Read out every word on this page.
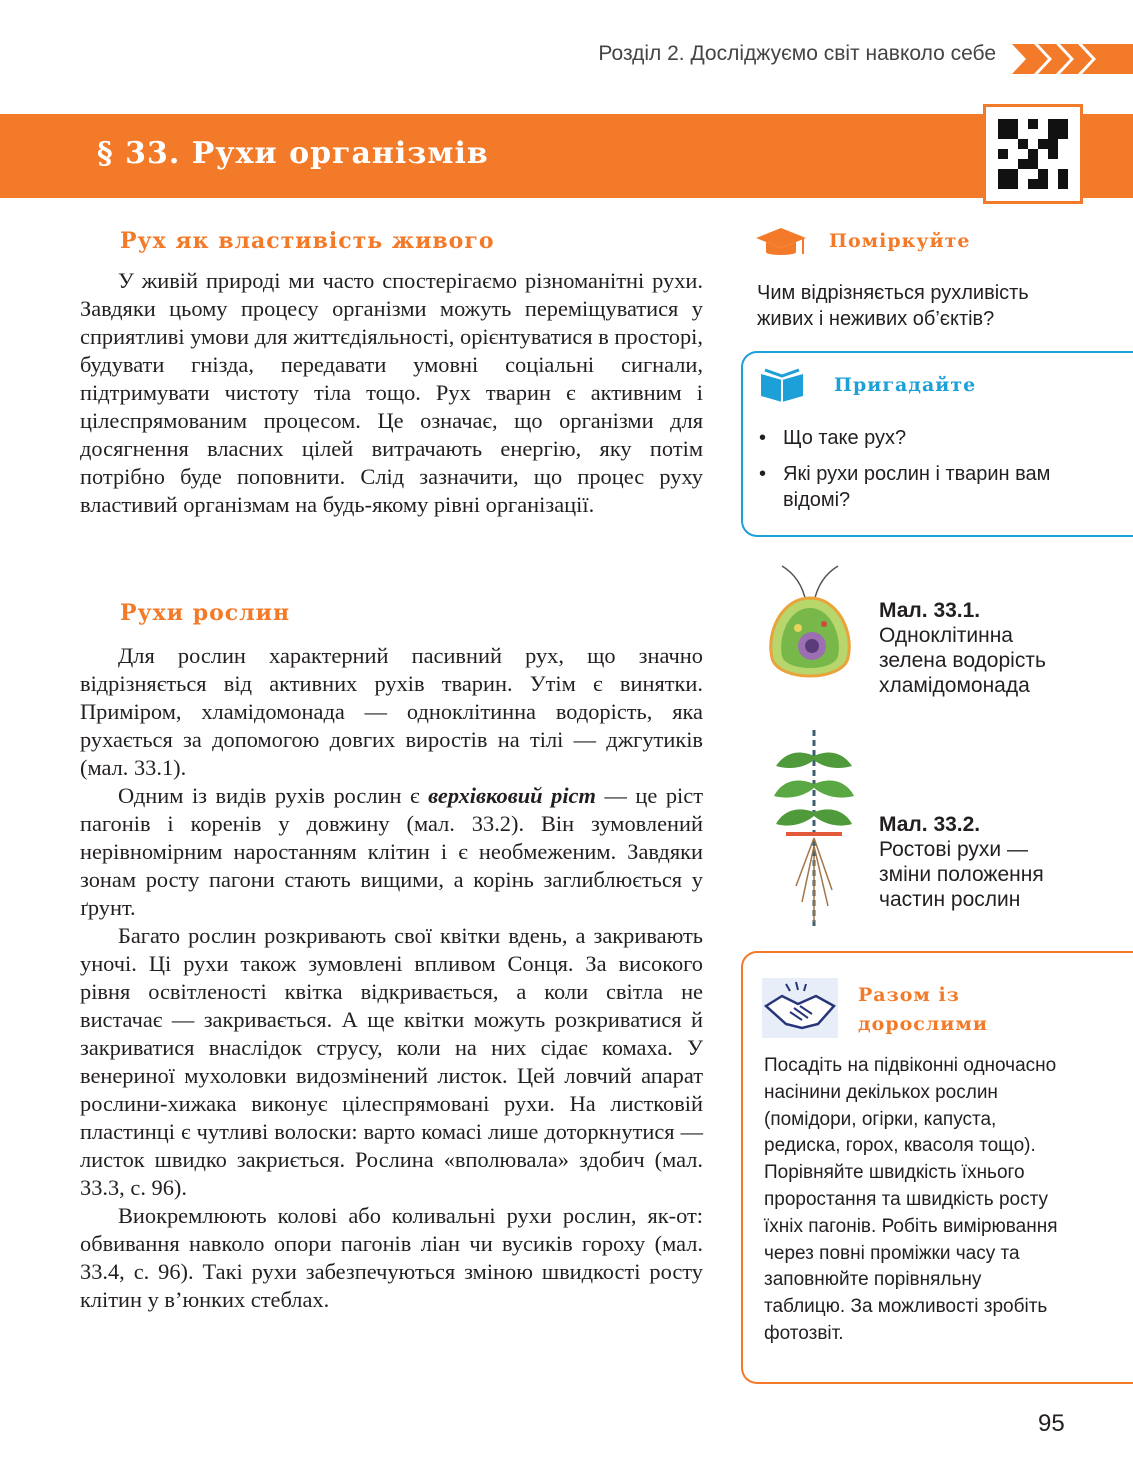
Розділ 2. Досліджуємо світ навколо себе
§ 33. Рухи організмів
Рух як властивість живого

У живій природі ми часто спостерігаємо різноманітні рухи. Завдяки цьому процесу організми можуть переміщуватися у сприятливі умови для життєдіяльності, орієнтуватися в просторі, будувати гнізда, передавати умовні соціальні сигнали, підтримувати чистоту тіла тощо. Рух тварин є активним і цілеспрямованим процесом. Це означає, що організми для досягнення власних цілей витрачають енергію, яку потім потрібно буде поповнити. Слід зазначити, що процес руху властивий організмам на будь-якому рівні організації.

Рухи рослин

Для рослин характерний пасивний рух, що значно відрізняється від активних рухів тварин. Утім є винятки. Приміром, хламідомонада — одноклітинна водорість, яка рухається за допомогою довгих виростів на тілі — джгутиків (мал. 33.1).

Одним із видів рухів рослин є верхівковий ріст — це ріст пагонів і коренів у довжину (мал. 33.2). Він зумовлений нерівномірним наростанням клітин і є необмеженим. Завдяки зонам росту пагони стають вищими, а корінь заглиблюється у ґрунт.

Багато рослин розкривають свої квітки вдень, а закривають уночі. Ці рухи також зумовлені впливом Сонця. За високого рівня освітленості квітка відкривається, а коли світла не вистачає — закривається. А ще квітки можуть розкриватися й закриватися внаслідок струсу, коли на них сідає комаха. У венериної мухоловки видозмінений листок. Цей ловчий апарат рослини-хижака виконує цілеспрямовані рухи. На листковій пластинці є чутливі волоски: варто комасі лише доторкнутися — листок швидко закриється. Рослина «вполювала» здобич (мал. 33.3, с. 96).

Виокремлюють колові або коливальні рухи рослин, як-от: обвивання навколо опори пагонів ліан чи вусиків гороху (мал. 33.4, с. 96). Такі рухи забезпечуються зміною швидкості росту клітин у в’юнких стеблах.

Поміркуйте
Чим відрізняється рухливість живих і неживих об’єктів?
Пригадайте
• Що таке рух?
• Які рухи рослин і тварин вам відомі?
Мал. 33.1.
Одноклітинна зелена водорість хламідомонада
Мал. 33.2.
Ростові рухи — зміни положення частин рослин
Разом із
дорослими
Посадіть на підвіконні одночасно насінини декількох рослин (помідори, огірки, капуста, редиска, горох, квасоля тощо). Порівняйте швидкість їхнього проростання та швидкість росту їхніх пагонів. Робіть вимірювання через повні проміжки часу та заповнюйте порівняльну таблицю. За можливості зробіть фотозвіт.
95
